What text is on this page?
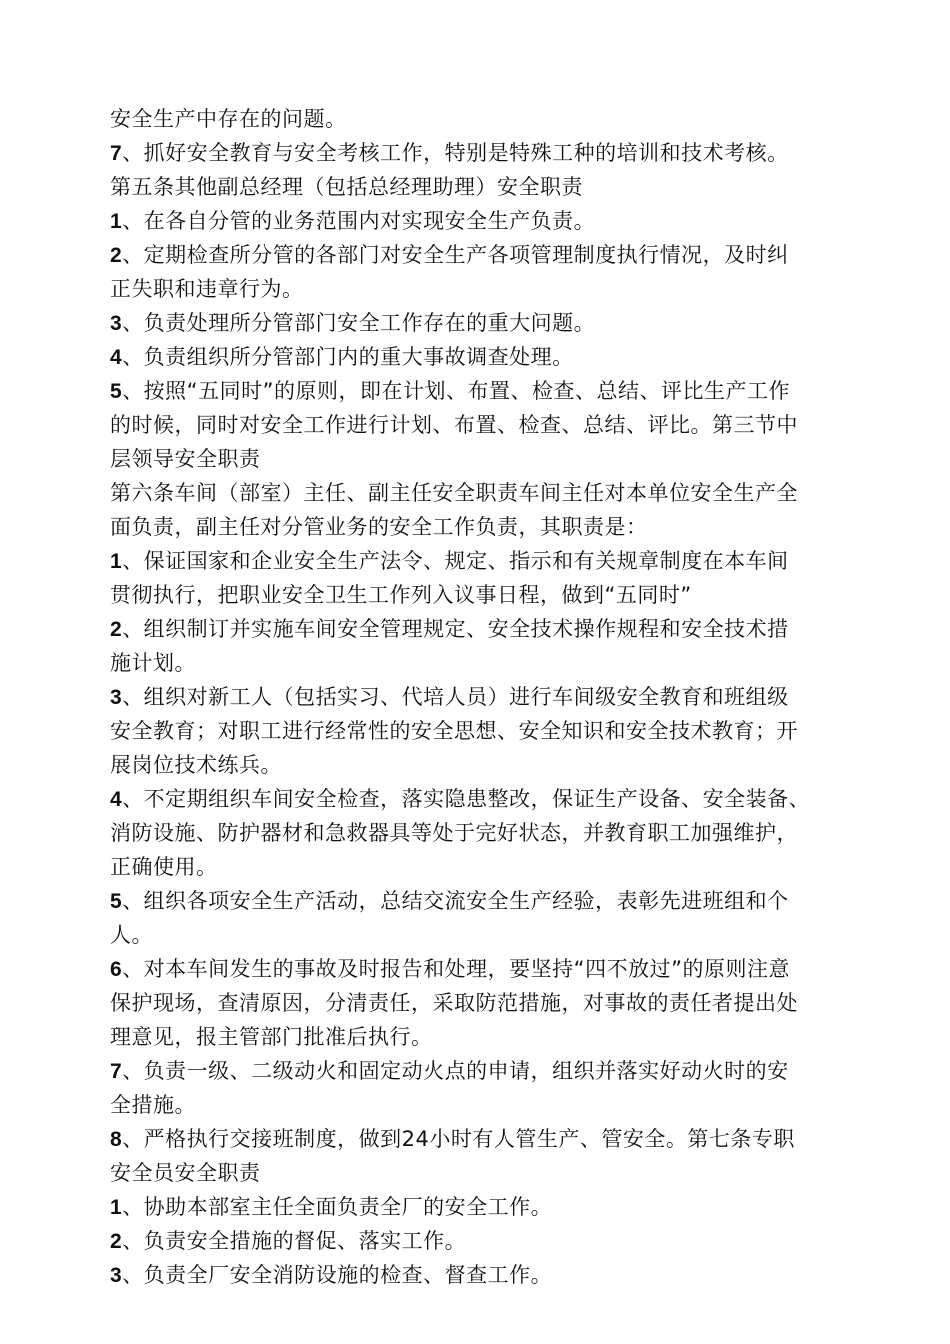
安全生产中存在的问题。
7、抓好安全教育与安全考核工作，特别是特殊工种的培训和技术考核。
第五条其他副总经理（包括总经理助理）安全职责
1、在各自分管的业务范围内对实现安全生产负责。
2、定期检查所分管的各部门对安全生产各项管理制度执行情况，及时纠
正失职和违章行为。
3、负责处理所分管部门安全工作存在的重大问题。
4、负责组织所分管部门内的重大事故调查处理。
5、按照“五同时”的原则，即在计划、布置、检查、总结、评比生产工作
的时候，同时对安全工作进行计划、布置、检查、总结、评比。第三节中
层领导安全职责
第六条车间（部室）主任、副主任安全职责车间主任对本单位安全生产全
面负责，副主任对分管业务的安全工作负责，其职责是：
1、保证国家和企业安全生产法令、规定、指示和有关规章制度在本车间
贯彻执行，把职业安全卫生工作列入议事日程，做到“五同时”
2、组织制订并实施车间安全管理规定、安全技术操作规程和安全技术措
施计划。
3、组织对新工人（包括实习、代培人员）进行车间级安全教育和班组级
安全教育；对职工进行经常性的安全思想、安全知识和安全技术教育；开
展岗位技术练兵。
4、不定期组织车间安全检查，落实隐患整改，保证生产设备、安全装备、
消防设施、防护器材和急救器具等处于完好状态，并教育职工加强维护，
正确使用。
5、组织各项安全生产活动，总结交流安全生产经验，表彰先进班组和个
人。
6、对本车间发生的事故及时报告和处理，要坚持“四不放过”的原则注意
保护现场，查清原因，分清责任，采取防范措施，对事故的责任者提出处
理意见，报主管部门批准后执行。
7、负责一级、二级动火和固定动火点的申请，组织并落实好动火时的安
全措施。
8、严格执行交接班制度，做到24小时有人管生产、管安全。第七条专职
安全员安全职责
1、协助本部室主任全面负责全厂的安全工作。
2、负责安全措施的督促、落实工作。
3、负责全厂安全消防设施的检查、督查工作。
